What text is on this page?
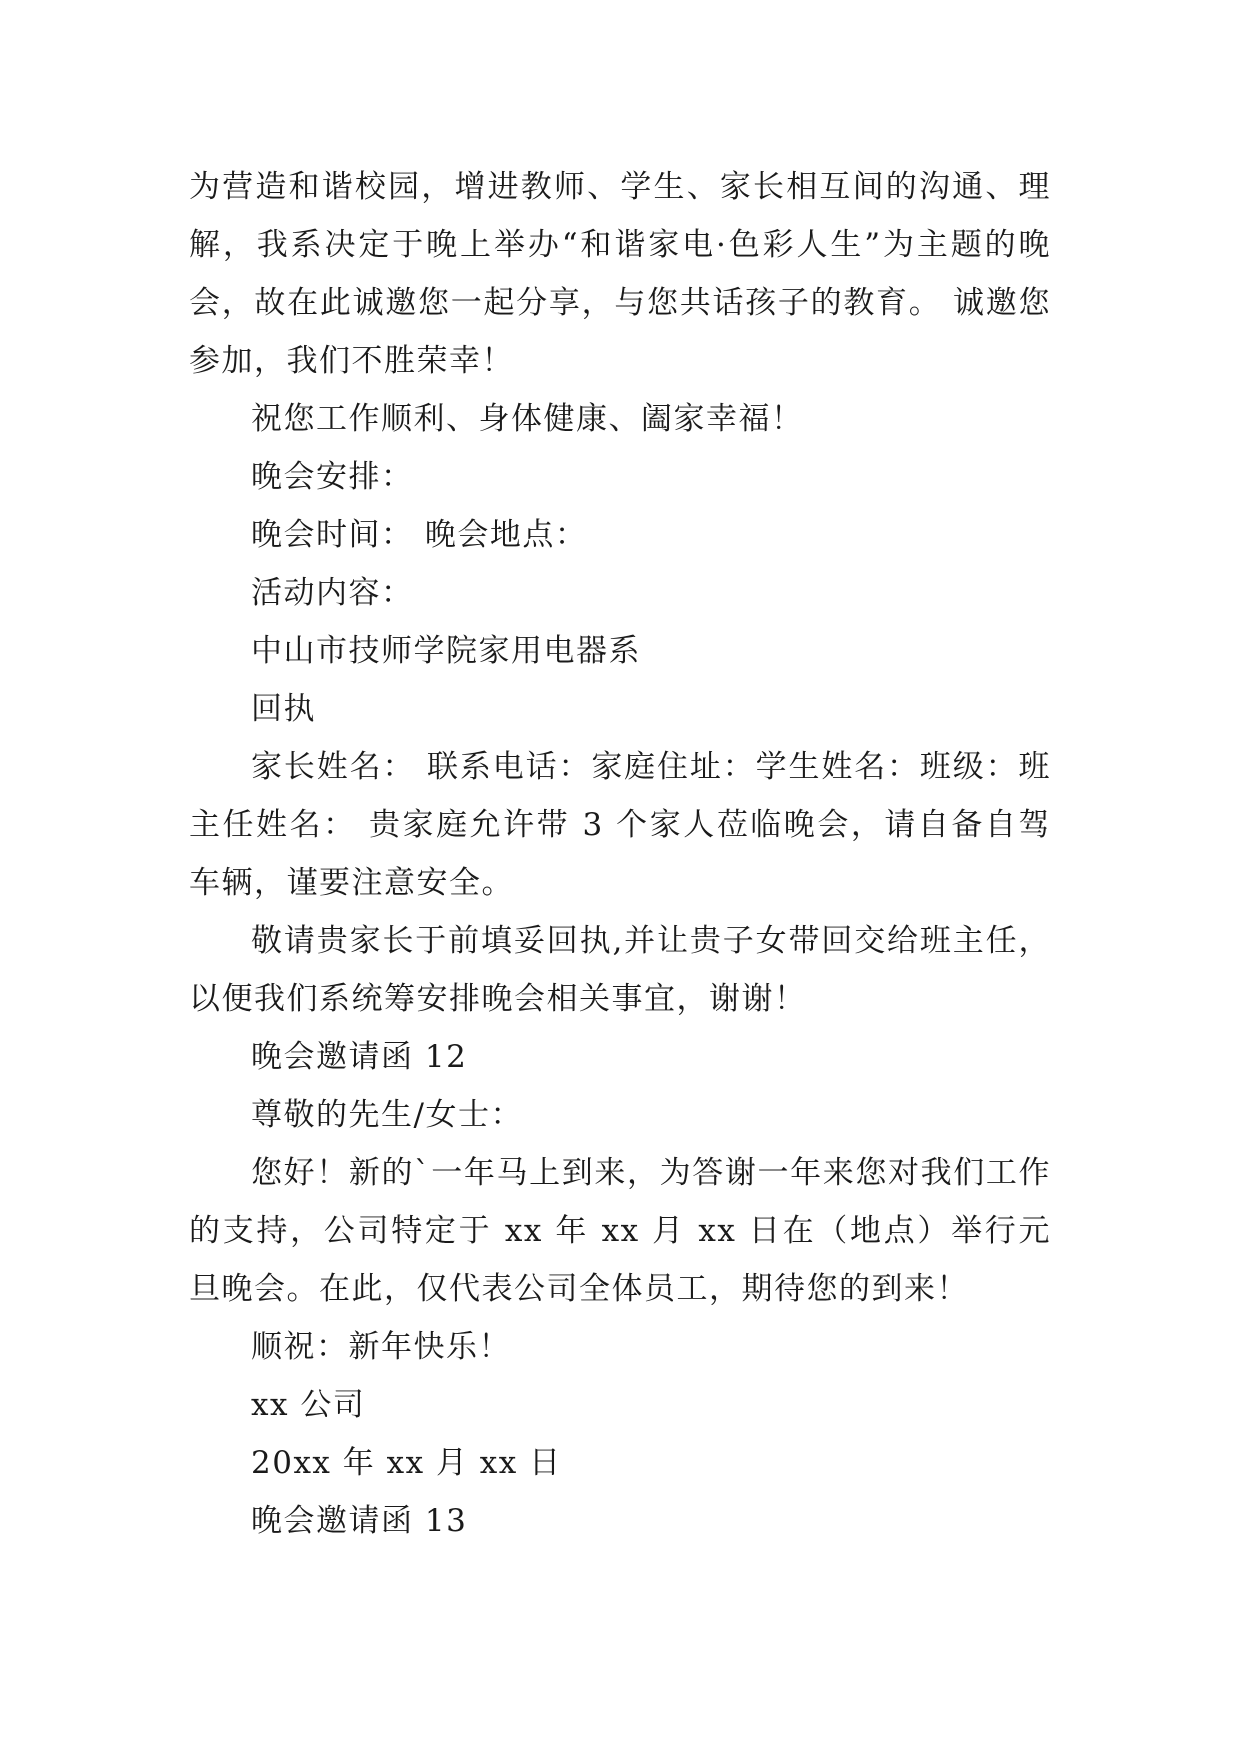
为营造和谐校园，增进教师、学生、家长相互间的沟通、理解，我系决定于晚上举办“和谐家电·色彩人生”为主题的晚会，故在此诚邀您一起分享，与您共话孩子的教育。 诚邀您参加，我们不胜荣幸！

祝您工作顺利、身体健康、阖家幸福！

晚会安排：

晚会时间： 晚会地点：

活动内容：

中山市技师学院家用电器系

回执

家长姓名： 联系电话：家庭住址：学生姓名：班级：班主任姓名： 贵家庭允许带 3 个家人莅临晚会，请自备自驾车辆，谨要注意安全。

敬请贵家长于前填妥回执,并让贵子女带回交给班主任，以便我们系统筹安排晚会相关事宜，谢谢！

晚会邀请函 12

尊敬的先生/女士：

您好！新的`一年马上到来，为答谢一年来您对我们工作的支持，公司特定于 xx 年 xx 月 xx 日在（地点）举行元旦晚会。在此，仅代表公司全体员工，期待您的到来！

顺祝：新年快乐！

xx 公司

20xx 年 xx 月 xx 日

晚会邀请函 13
